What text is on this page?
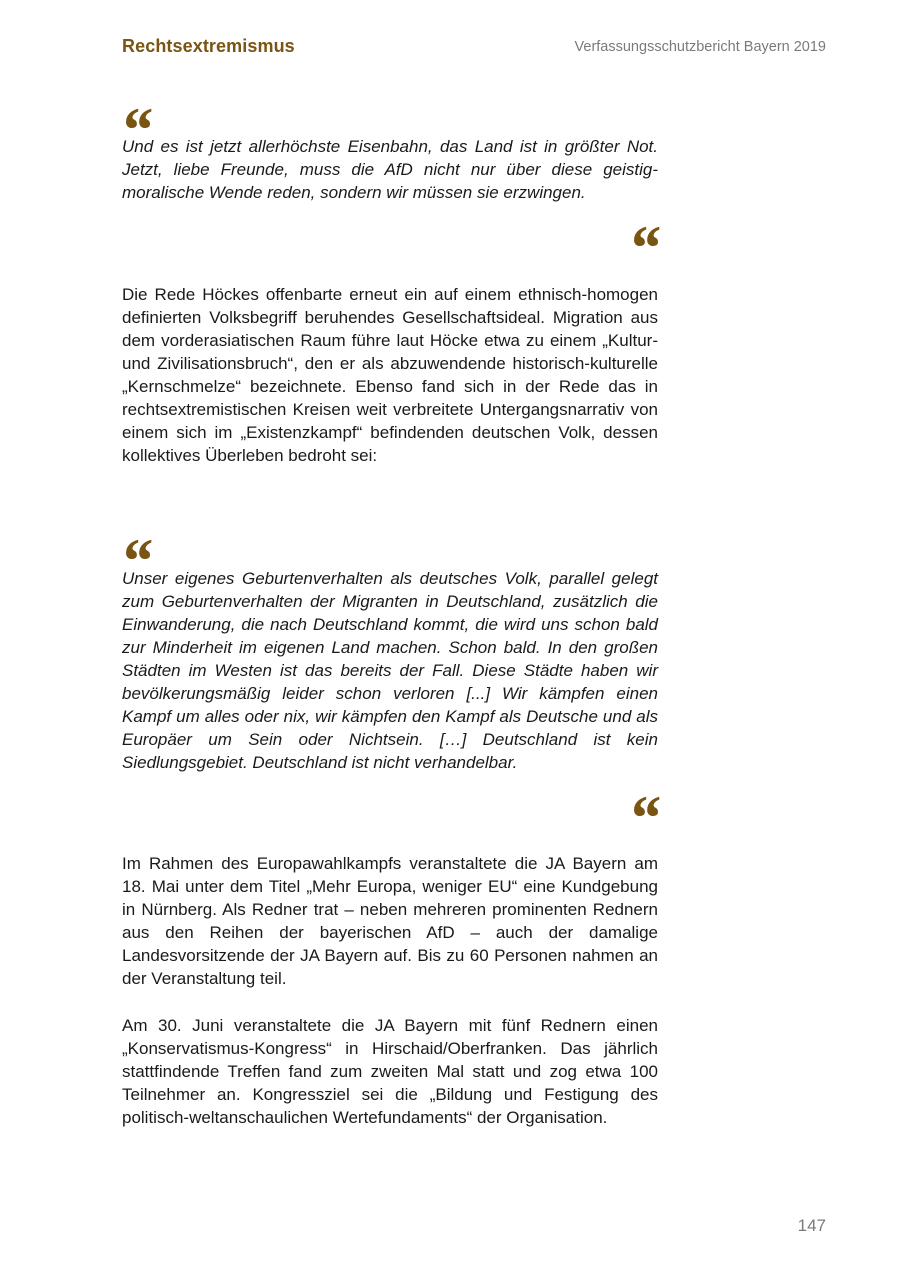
Rechtsextremismus	Verfassungsschutzbericht Bayern 2019
“

Und es ist jetzt allerhöchste Eisenbahn, das Land ist in größter Not. Jetzt, liebe Freunde, muss die AfD nicht nur über diese geistig-moralische Wende reden, sondern wir müssen sie erzwingen.

“

Die Rede Höckes offenbarte erneut ein auf einem ethnisch-homogen definierten Volksbegriff beruhendes Gesellschaftsideal. Migration aus dem vorderasiatischen Raum führe laut Höcke etwa zu einem „Kultur- und Zivilisationsbruch“, den er als abzuwendende historisch-kulturelle „Kernschmelze“ bezeichnete. Ebenso fand sich in der Rede das in rechtsextremistischen Kreisen weit verbreitete Untergangsnarrativ von einem sich im „Existenzkampf“ befindenden deutschen Volk, dessen kollektives Überleben bedroht sei:

“

Unser eigenes Geburtenverhalten als deutsches Volk, parallel gelegt zum Geburtenverhalten der Migranten in Deutschland, zusätzlich die Einwanderung, die nach Deutschland kommt, die wird uns schon bald zur Minderheit im eigenen Land machen. Schon bald. In den großen Städten im Westen ist das bereits der Fall. Diese Städte haben wir bevölkerungsmäßig leider schon verloren [...] Wir kämpfen einen Kampf um alles oder nix, wir kämpfen den Kampf als Deutsche und als Europäer um Sein oder Nichtsein. […] Deutschland ist kein Siedlungsgebiet. Deutschland ist nicht verhandelbar.

“

Im Rahmen des Europawahlkampfs veranstaltete die JA Bayern am 18. Mai unter dem Titel „Mehr Europa, weniger EU“ eine Kundgebung in Nürnberg. Als Redner trat – neben mehreren prominenten Rednern aus den Reihen der bayerischen AfD – auch der damalige Landesvorsitzende der JA Bayern auf. Bis zu 60 Personen nahmen an der Veranstaltung teil.

Am 30. Juni veranstaltete die JA Bayern mit fünf Rednern einen „Konservatismus-Kongress“ in Hirschaid/Oberfranken. Das jährlich stattfindende Treffen fand zum zweiten Mal statt und zog etwa 100 Teilnehmer an. Kongressziel sei die „Bildung und Festigung des politisch-weltanschaulichen Wertefundaments“ der Organisation.

147
